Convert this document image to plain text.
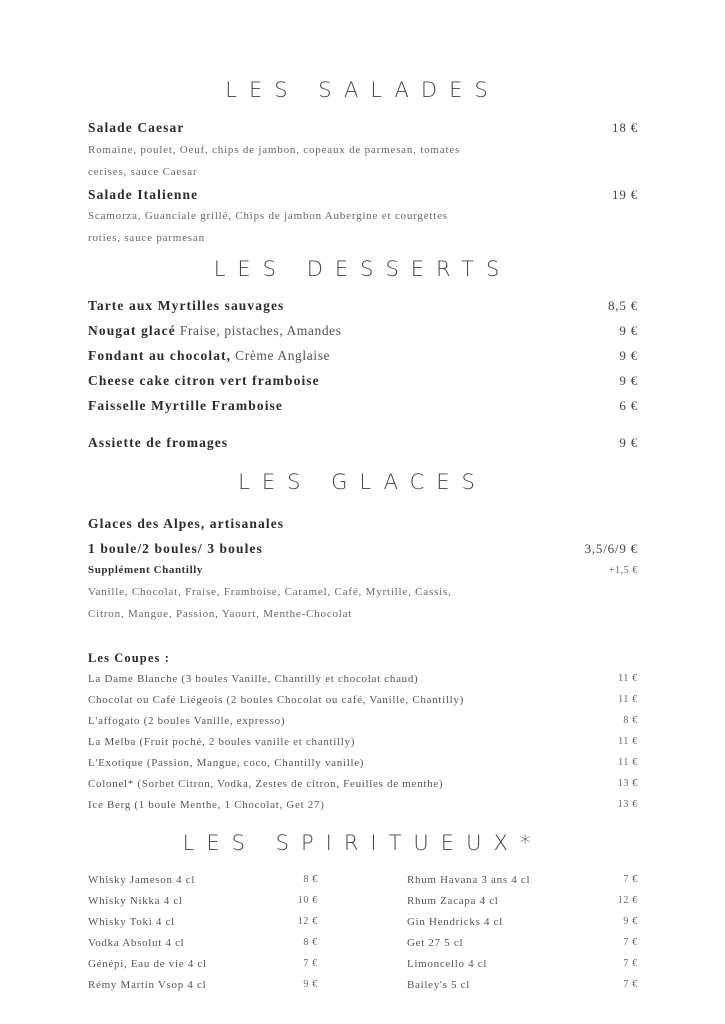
LES SALADES
Salade Caesar	18 €
Romaine, poulet, Oeuf, chips de jambon, copeaux de parmesan, tomates
cerises, sauce Caesar
Salade Italienne	19 €
Scamorza, Guanciale grillé, Chips de jambon Aubergine et courgettes
roties, sauce parmesan
LES DESSERTS
Tarte aux Myrtilles sauvages	8,5 €
Nougat glacé Fraise, pistaches, Amandes	9 €
Fondant au chocolat, Crème Anglaise	9 €
Cheese cake citron vert framboise	9 €
Faisselle Myrtille Framboise	6 €
Assiette de fromages	9 €
LES GLACES
Glaces des Alpes, artisanales
1 boule/2 boules/ 3 boules	3,5/6/9 €
Supplément Chantilly	+1,5 €
Vanille, Chocolat, Fraise, Framboise, Caramel, Café, Myrtille, Cassis,
Citron, Mangue, Passion, Yaourt, Menthe-Chocolat
Les Coupes :
La Dame Blanche (3 boules Vanille, Chantilly et chocolat chaud)	11 €
Chocolat ou Café Liégeois (2 boules Chocolat ou café, Vanille, Chantilly)	11 €
L'affogato (2 boules Vanille, expresso)	8 €
La Melba (Fruit poché, 2 boules vanille et chantilly)	11 €
L'Exotique (Passion, Mangue, coco, Chantilly vanille)	11 €
Colonel* (Sorbet Citron, Vodka, Zestes de citron, Feuilles de menthe)	13 €
Ice Berg (1 boule Menthe, 1 Chocolat, Get 27)	13 €
LES SPIRITUEUX*
Whisky Jameson 4 cl	8 €
Whisky Nikka 4 cl	10 €
Whisky Tokì 4 cl	12 €
Vodka Absolut 4 cl	8 €
Génépi, Eau de vie 4 cl	7 €
Rémy Martin Vsop 4 cl	9 €
Rhum Havana 3 ans 4 cl	7 €
Rhum Zacapa 4 cl	12 €
Gin Hendricks 4 cl	9 €
Get 27 5 cl	7 €
Limoncello 4 cl	7 €
Bailey's 5 cl	7 €
